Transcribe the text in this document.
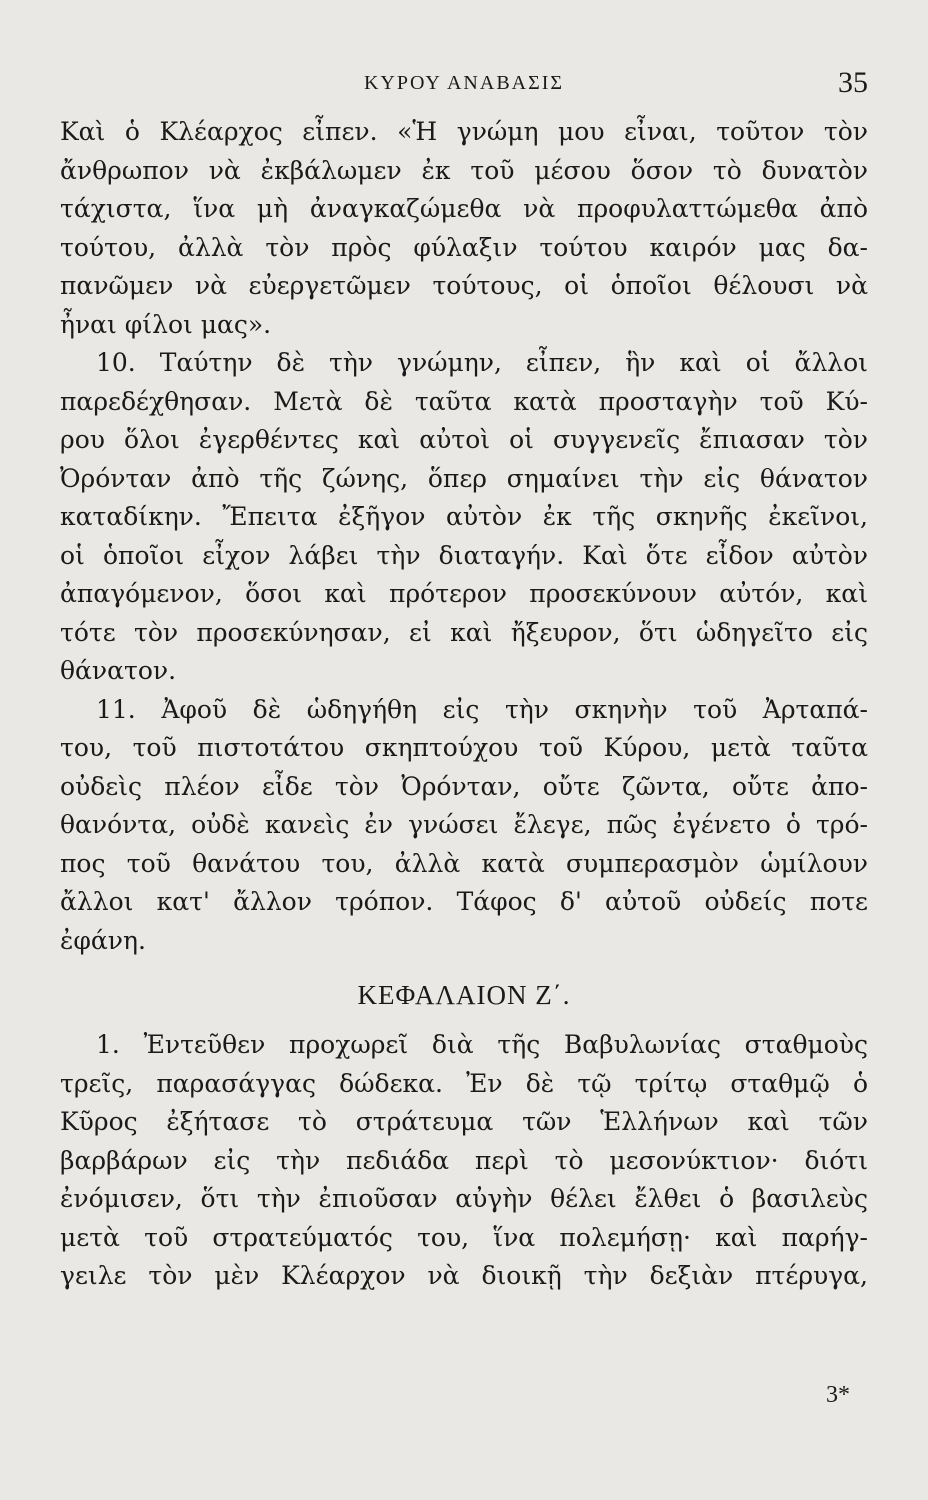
ΚΥΡΟΥ ΑΝΑΒΑΣΙΣ	35
Καὶ ὁ Κλέαρχος εἶπεν. «Ἡ γνώμη μου εἶναι, τοῦτον τὸν
ἄνθρωπον νὰ ἐκβάλωμεν ἐκ τοῦ μέσου ὅσον τὸ δυνατὸν
τάχιστα, ἵνα μὴ ἀναγκαζώμεθα νὰ προφυλαττώμεθα ἀπὸ
τούτου, ἀλλὰ τὸν πρὸς φύλαξιν τούτου καιρόν μας δα-
πανῶμεν νὰ εὐεργετῶμεν τούτους, οἱ ὁποῖοι θέλουσι νὰ
ἦναι φίλοι μας».
10. Ταύτην δὲ τὴν γνώμην, εἶπεν, ἣν καὶ οἱ ἄλλοι
παρεδέχθησαν. Μετὰ δὲ ταῦτα κατὰ προσταγὴν τοῦ Κύ-
ρου ὅλοι ἐγερθέντες καὶ αὐτοὶ οἱ συγγενεῖς ἔπιασαν τὸν
Ὀρόνταν ἀπὸ τῆς ζώνης, ὅπερ σημαίνει τὴν εἰς θάνατον
καταδίκην. Ἔπειτα ἐξῆγον αὐτὸν ἐκ τῆς σκηνῆς ἐκεῖνοι,
οἱ ὁποῖοι εἶχον λάβει τὴν διαταγήν. Καὶ ὅτε εἶδον αὐτὸν
ἀπαγόμενον, ὅσοι καὶ πρότερον προσεκύνουν αὐτόν, καὶ
τότε τὸν προσεκύνησαν, εἰ καὶ ἤξευρον, ὅτι ὡδηγεῖτο εἰς
θάνατον.
11. Ἀφοῦ δὲ ὡδηγήθη εἰς τὴν σκηνὴν τοῦ Ἀρταπά-
του, τοῦ πιστοτάτου σκηπτούχου τοῦ Κύρου, μετὰ ταῦτα
οὐδεὶς πλέον εἶδε τὸν Ὀρόνταν, οὔτε ζῶντα, οὔτε ἀπο-
θανόντα, οὐδὲ κανεὶς ἐν γνώσει ἔλεγε, πῶς ἐγένετο ὁ τρό-
πος τοῦ θανάτου του, ἀλλὰ κατὰ συμπερασμὸν ὡμίλουν
ἄλλοι κατ' ἄλλον τρόπον. Τάφος δ' αὐτοῦ οὐδείς ποτε
ἐφάνη.
ΚΕΦΑΛΑΙΟΝ Ζ΄.
1. Ἐντεῦθεν προχωρεῖ διὰ τῆς Βαβυλωνίας σταθμοὺς
τρεῖς, παρασάγγας δώδεκα. Ἐν δὲ τῷ τρίτῳ σταθμῷ ὁ
Κῦρος ἐξήτασε τὸ στράτευμα τῶν Ἑλλήνων καὶ τῶν
βαρβάρων εἰς τὴν πεδιάδα περὶ τὸ μεσονύκτιον· διότι
ἐνόμισεν, ὅτι τὴν ἐπιοῦσαν αὐγὴν θέλει ἔλθει ὁ βασιλεὺς
μετὰ τοῦ στρατεύματός του, ἵνα πολεμήσῃ· καὶ παρήγ-
γειλε τὸν μὲν Κλέαρχον νὰ διοικῇ τὴν δεξιὰν πτέρυγα,
3*
